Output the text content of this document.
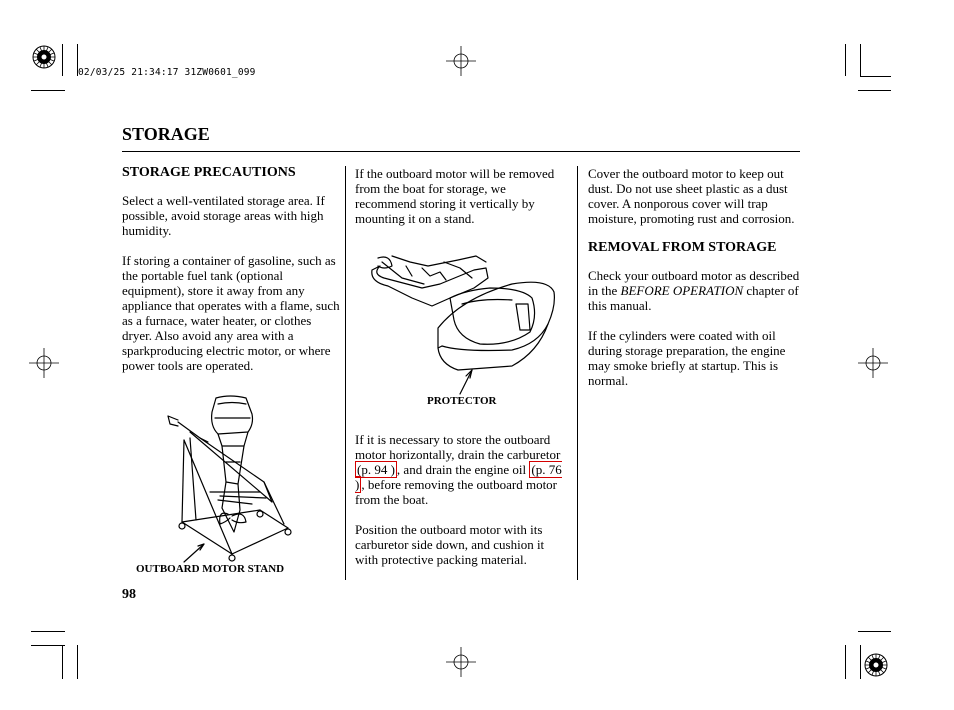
02/03/25 21:34:17 31ZW0601_099
STORAGE
STORAGE PRECAUTIONS

Select a well-ventilated storage area. If possible, avoid storage areas with high humidity.

If storing a container of gasoline, such as the portable fuel tank (optional equipment), store it away from any appliance that operates with a flame, such as a furnace, water heater, or clothes dryer. Also avoid any area with a sparkproducing electric motor, or where power tools are operated.

OUTBOARD MOTOR STAND

If the outboard motor will be removed from the boat for storage, we recommend storing it vertically by mounting it on a stand.

PROTECTOR

If it is necessary to store the outboard motor horizontally, drain the carburetor (p. 94 ) , and drain the engine oil (p. 76 ) , before removing the outboard motor from the boat.

Position the outboard motor with its carburetor side down, and cushion it with protective packing material.

Cover the outboard motor to keep out dust. Do not use sheet plastic as a dust cover. A nonporous cover will trap moisture, promoting rust and corrosion.

REMOVAL FROM STORAGE

Check your outboard motor as described in the BEFORE OPERATION chapter of this manual.

If the cylinders were coated with oil during storage preparation, the engine may smoke briefly at startup. This is normal.

98
